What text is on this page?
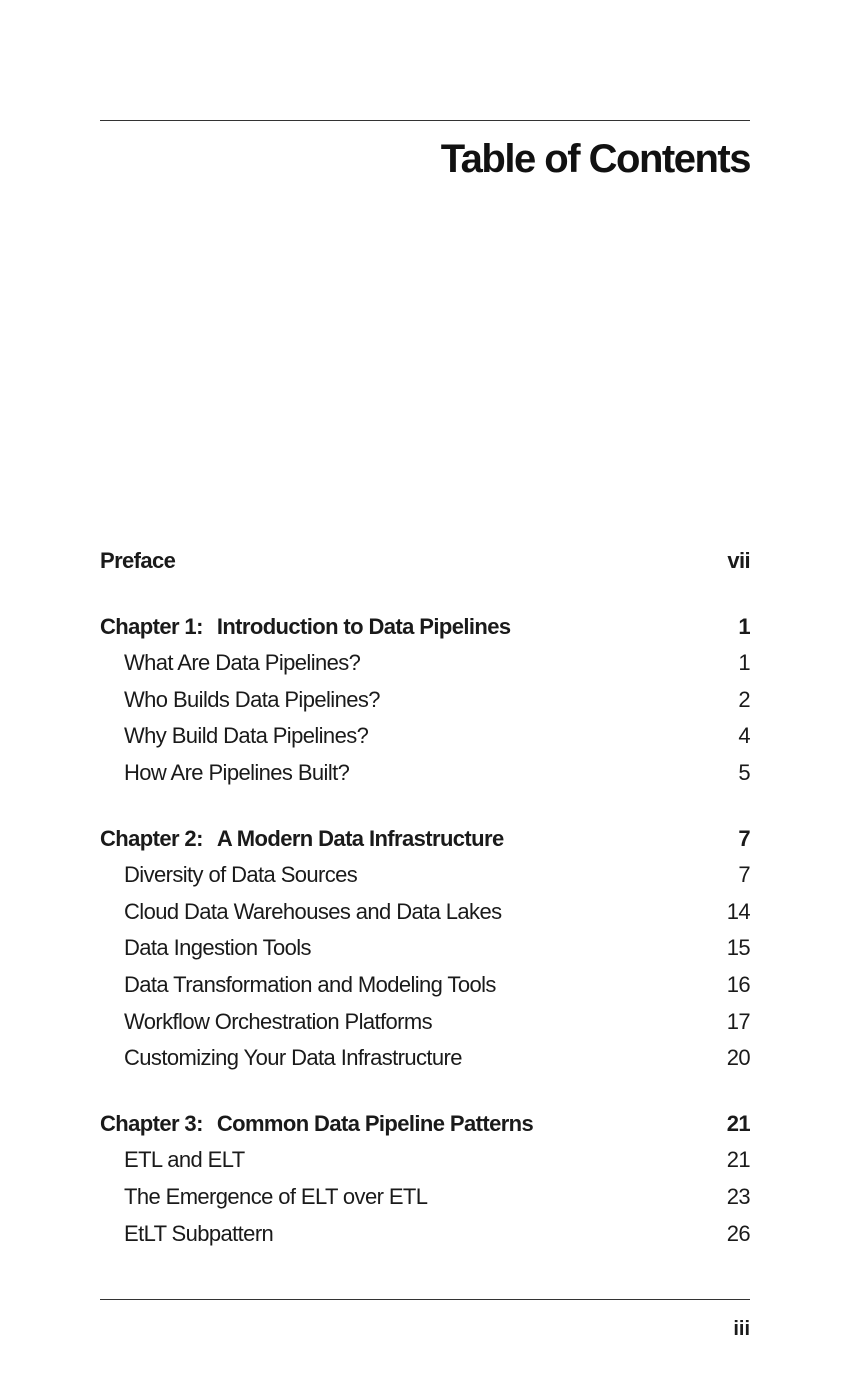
Table of Contents
Preface	vii
Chapter 1: Introduction to Data Pipelines	1
What Are Data Pipelines?	1
Who Builds Data Pipelines?	2
Why Build Data Pipelines?	4
How Are Pipelines Built?	5
Chapter 2: A Modern Data Infrastructure	7
Diversity of Data Sources	7
Cloud Data Warehouses and Data Lakes	14
Data Ingestion Tools	15
Data Transformation and Modeling Tools	16
Workflow Orchestration Platforms	17
Customizing Your Data Infrastructure	20
Chapter 3: Common Data Pipeline Patterns	21
ETL and ELT	21
The Emergence of ELT over ETL	23
EtLT Subpattern	26
iii
